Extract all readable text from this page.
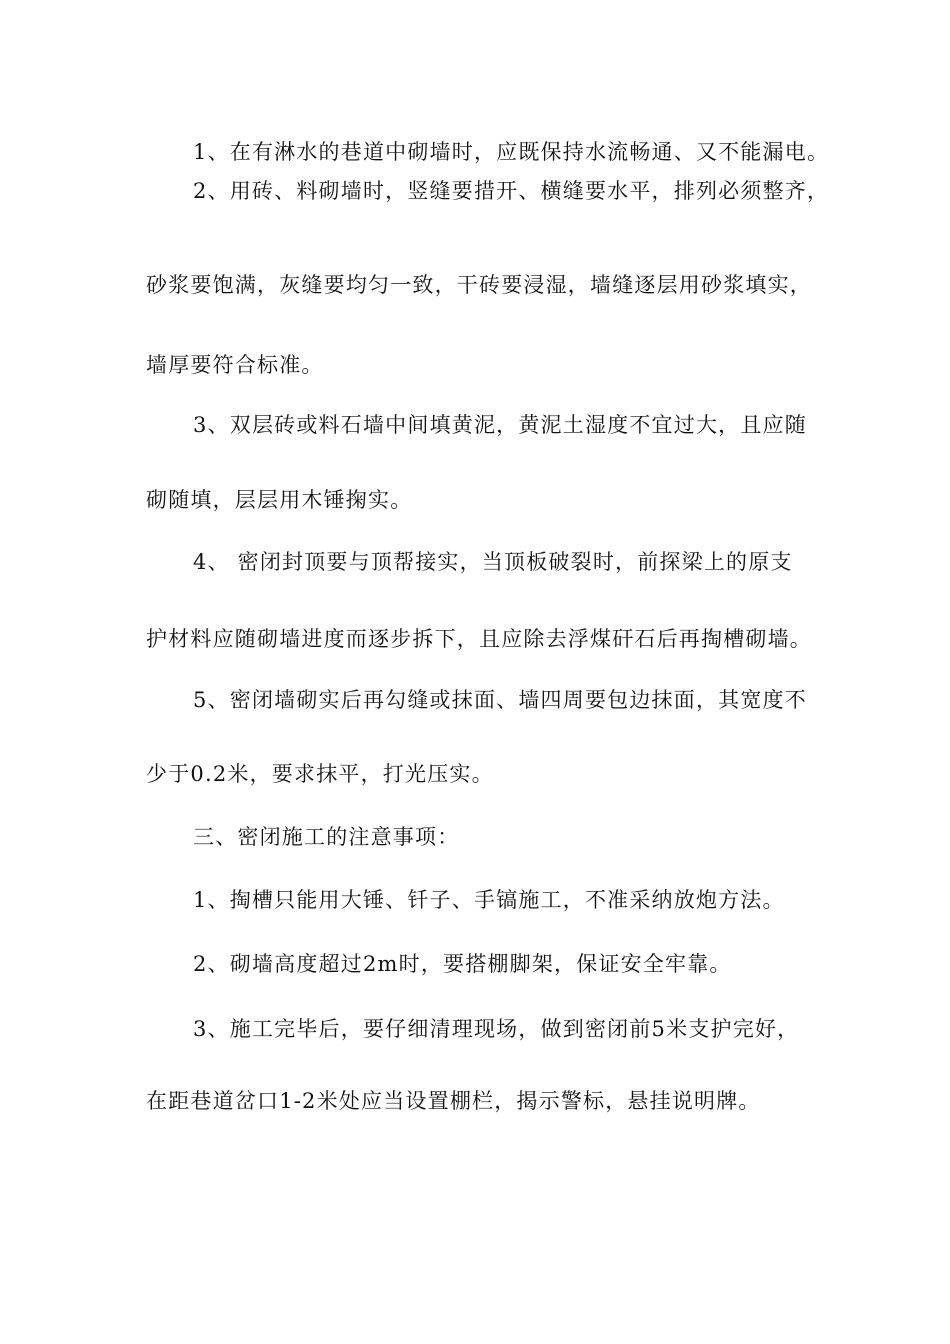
1、在有淋水的巷道中砌墙时，应既保持水流畅通、又不能漏电。
2、用砖、料砌墙时，竖缝要措开、横缝要水平，排列必须整齐，
砂浆要饱满，灰缝要均匀一致，干砖要浸湿，墙缝逐层用砂浆填实，
墙厚要符合标准。
3、双层砖或料石墙中间填黄泥，黄泥土湿度不宜过大，且应随
砌随填，层层用木锤掬实。
4、 密闭封顶要与顶帮接实，当顶板破裂时，前探梁上的原支
护材料应随砌墙进度而逐步拆下，且应除去浮煤矸石后再掏槽砌墙。
5、密闭墙砌实后再勾缝或抹面、墙四周要包边抹面，其宽度不
少于0.2米，要求抹平，打光压实。
三、密闭施工的注意事项：
1、掏槽只能用大锤、钎子、手镐施工，不准采纳放炮方法。
2、砌墙高度超过2m时，要搭棚脚架，保证安全牢靠。
3、施工完毕后，要仔细清理现场，做到密闭前5米支护完好，
在距巷道岔口1-2米处应当设置棚栏，揭示警标，悬挂说明牌。
